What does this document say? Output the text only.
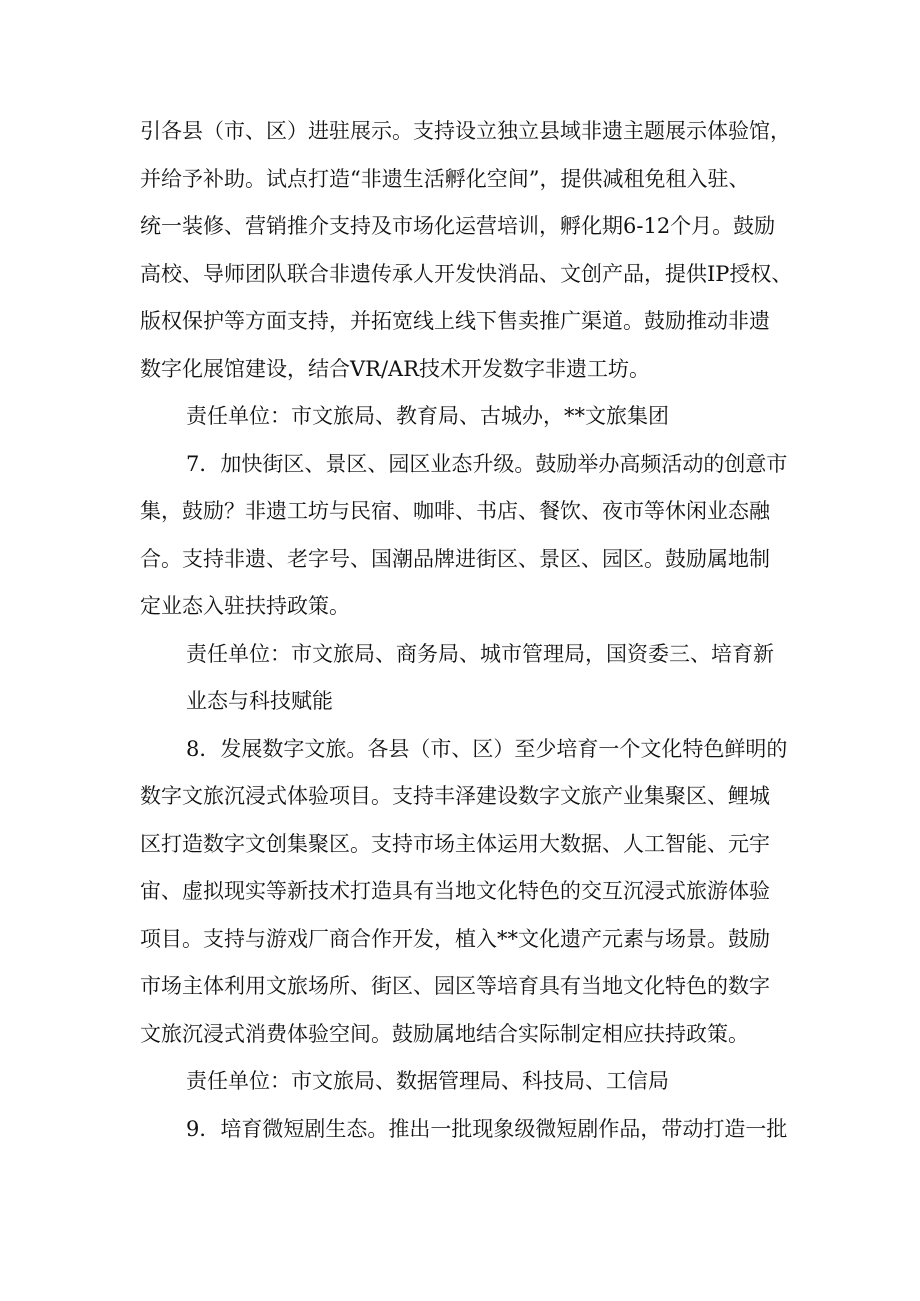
引各县（市、区）进驻展示。支持设立独立县域非遗主题展示体验馆，
并给予补助。试点打造“非遗生活孵化空间”，提供减租免租入驻、
统一装修、营销推介支持及市场化运营培训，孵化期6-12个月。鼓励
高校、导师团队联合非遗传承人开发快消品、文创产品，提供IP授权、
版权保护等方面支持，并拓宽线上线下售卖推广渠道。鼓励推动非遗
数字化展馆建设，结合VR/AR技术开发数字非遗工坊。
责任单位：市文旅局、教育局、古城办，**文旅集团
7．加快街区、景区、园区业态升级。鼓励举办高频活动的创意市
集，鼓励？非遗工坊与民宿、咖啡、书店、餐饮、夜市等休闲业态融
合。支持非遗、老字号、国潮品牌进街区、景区、园区。鼓励属地制
定业态入驻扶持政策。
责任单位：市文旅局、商务局、城市管理局，国资委三、培育新
业态与科技赋能
8．发展数字文旅。各县（市、区）至少培育一个文化特色鲜明的
数字文旅沉浸式体验项目。支持丰泽建设数字文旅产业集聚区、鲤城
区打造数字文创集聚区。支持市场主体运用大数据、人工智能、元宇
宙、虚拟现实等新技术打造具有当地文化特色的交互沉浸式旅游体验
项目。支持与游戏厂商合作开发，植入**文化遗产元素与场景。鼓励
市场主体利用文旅场所、街区、园区等培育具有当地文化特色的数字
文旅沉浸式消费体验空间。鼓励属地结合实际制定相应扶持政策。
责任单位：市文旅局、数据管理局、科技局、工信局
9．培育微短剧生态。推出一批现象级微短剧作品，带动打造一批
